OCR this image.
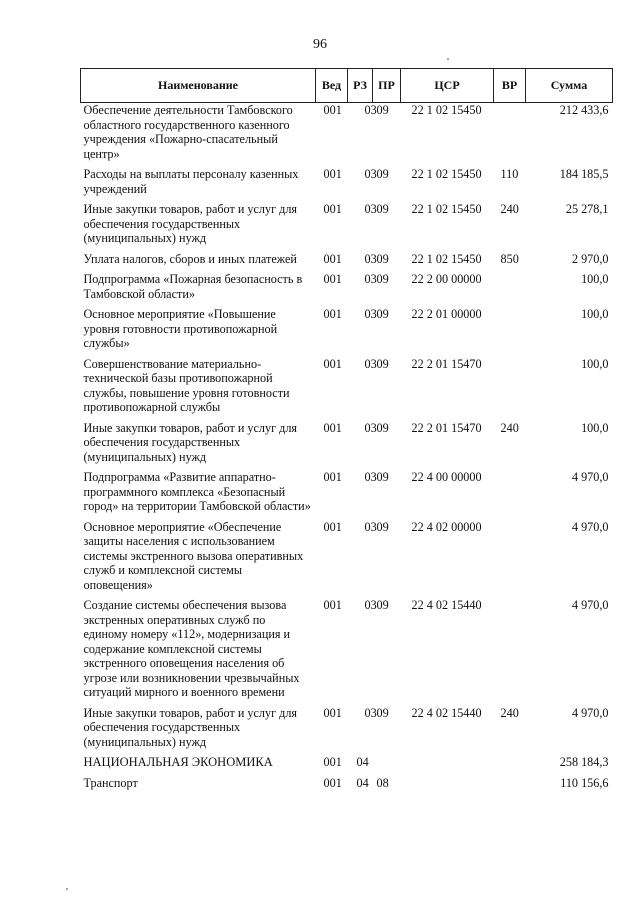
96
Наименование	Вед	РЗ	ПР	ЦСР	ВР	Сумма
Обеспечение деятельности Тамбовского областного государственного казенного учреждения «Пожарно-спасательный центр»	001	03	09	22 1 02 15450		212 433,6
Расходы на выплаты персоналу казенных учреждений	001	03	09	22 1 02 15450	110	184 185,5
Иные закупки товаров, работ и услуг для обеспечения государственных (муниципальных) нужд	001	03	09	22 1 02 15450	240	25 278,1
Уплата налогов, сборов и иных платежей	001	03	09	22 1 02 15450	850	2 970,0
Подпрограмма «Пожарная безопасность в Тамбовской области»	001	03	09	22 2 00 00000		100,0
Основное мероприятие «Повышение уровня готовности противопожарной службы»	001	03	09	22 2 01 00000		100,0
Совершенствование материально-технической базы противопожарной службы, повышение уровня готовности противопожарной службы	001	03	09	22 2 01 15470		100,0
Иные закупки товаров, работ и услуг для обеспечения государственных (муниципальных) нужд	001	03	09	22 2 01 15470	240	100,0
Подпрограмма «Развитие аппаратно-программного комплекса «Безопасный город» на территории Тамбовской области»	001	03	09	22 4 00 00000		4 970,0
Основное мероприятие «Обеспечение защиты населения с использованием системы экстренного вызова оперативных служб и комплексной системы оповещения»	001	03	09	22 4 02 00000		4 970,0
Создание системы обеспечения вызова экстренных оперативных служб по единому номеру «112», модернизация и содержание комплексной системы экстренного оповещения населения об угрозе или возникновении чрезвычайных ситуаций мирного и военного времени	001	03	09	22 4 02 15440		4 970,0
Иные закупки товаров, работ и услуг для обеспечения государственных (муниципальных) нужд	001	03	09	22 4 02 15440	240	4 970,0
НАЦИОНАЛЬНАЯ ЭКОНОМИКА	001	04				258 184,3
Транспорт	001	04	08			110 156,6
